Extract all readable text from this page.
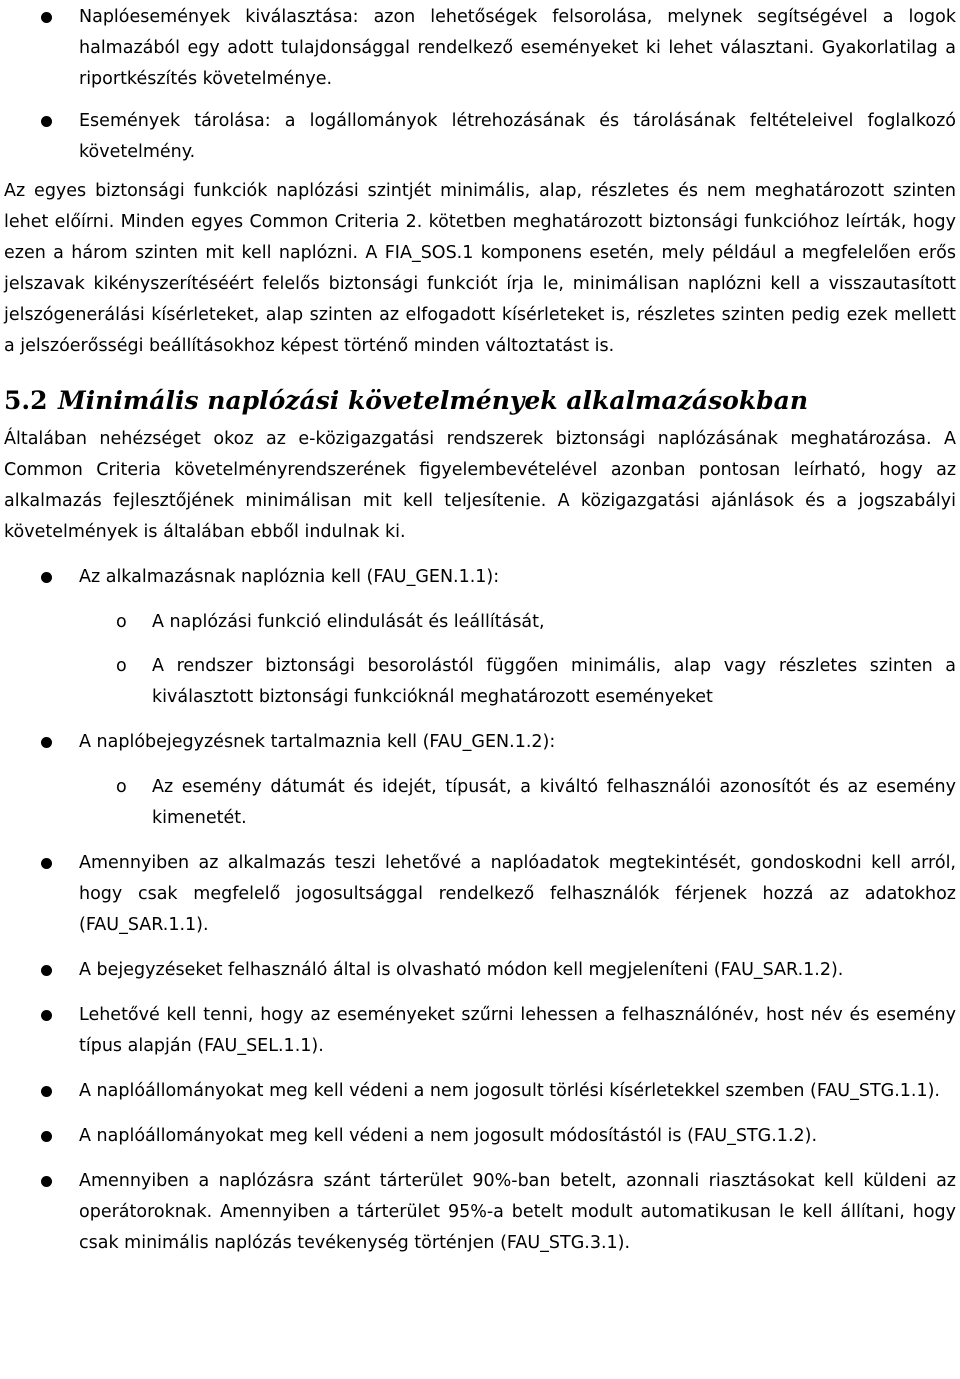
Naplóesemények kiválasztása: azon lehetőségek felsorolása, melynek segítségével a logok halmazából egy adott tulajdonsággal rendelkező eseményeket ki lehet választani. Gyakorlatilag a riportkészítés követelménye.
Események tárolása: a logállományok létrehozásának és tárolásának feltételeivel foglalkozó követelmény.

Az egyes biztonsági funkciók naplózási szintjét minimális, alap, részletes és nem meghatározott szinten lehet előírni. Minden egyes Common Criteria 2. kötetben meghatározott biztonsági funkcióhoz leírták, hogy ezen a három szinten mit kell naplózni. A FIA_SOS.1 komponens esetén, mely például a megfelelően erős jelszavak kikényszerítéséért felelős biztonsági funkciót írja le, minimálisan naplózni kell a visszautasított jelszógenerálási kísérleteket, alap szinten az elfogadott kísérleteket is, részletes szinten pedig ezek mellett a jelszóerősségi beállításokhoz képest történő minden változtatást is.

5.2 Minimális naplózási követelmények alkalmazásokban

Általában nehézséget okoz az e-közigazgatási rendszerek biztonsági naplózásának meghatározása. A Common Criteria követelményrendszerének figyelembevételével azonban pontosan leírható, hogy az alkalmazás fejlesztőjének minimálisan mit kell teljesítenie. A közigazgatási ajánlások és a jogszabályi követelmények is általában ebből indulnak ki.

Az alkalmazásnak naplóznia kell (FAU_GEN.1.1):
o A naplózási funkció elindulását és leállítását,
o A rendszer biztonsági besorolástól függően minimális, alap vagy részletes szinten a kiválasztott biztonsági funkcióknál meghatározott eseményeket
A naplóbejegyzésnek tartalmaznia kell (FAU_GEN.1.2):
o Az esemény dátumát és idejét, típusát, a kiváltó felhasználói azonosítót és az esemény kimenetét.
Amennyiben az alkalmazás teszi lehetővé a naplóadatok megtekintését, gondoskodni kell arról, hogy csak megfelelő jogosultsággal rendelkező felhasználók férjenek hozzá az adatokhoz (FAU_SAR.1.1).
A bejegyzéseket felhasználó által is olvasható módon kell megjeleníteni (FAU_SAR.1.2).
Lehetővé kell tenni, hogy az eseményeket szűrni lehessen a felhasználónév, host név és esemény típus alapján (FAU_SEL.1.1).
A naplóállományokat meg kell védeni a nem jogosult törlési kísérletekkel szemben (FAU_STG.1.1).
A naplóállományokat meg kell védeni a nem jogosult módosítástól is (FAU_STG.1.2).
Amennyiben a naplózásra szánt tárterület 90%-ban betelt, azonnali riasztásokat kell küldeni az operátoroknak. Amennyiben a tárterület 95%-a betelt modult automatikusan le kell állítani, hogy csak minimális naplózás tevékenység történjen (FAU_STG.3.1).
